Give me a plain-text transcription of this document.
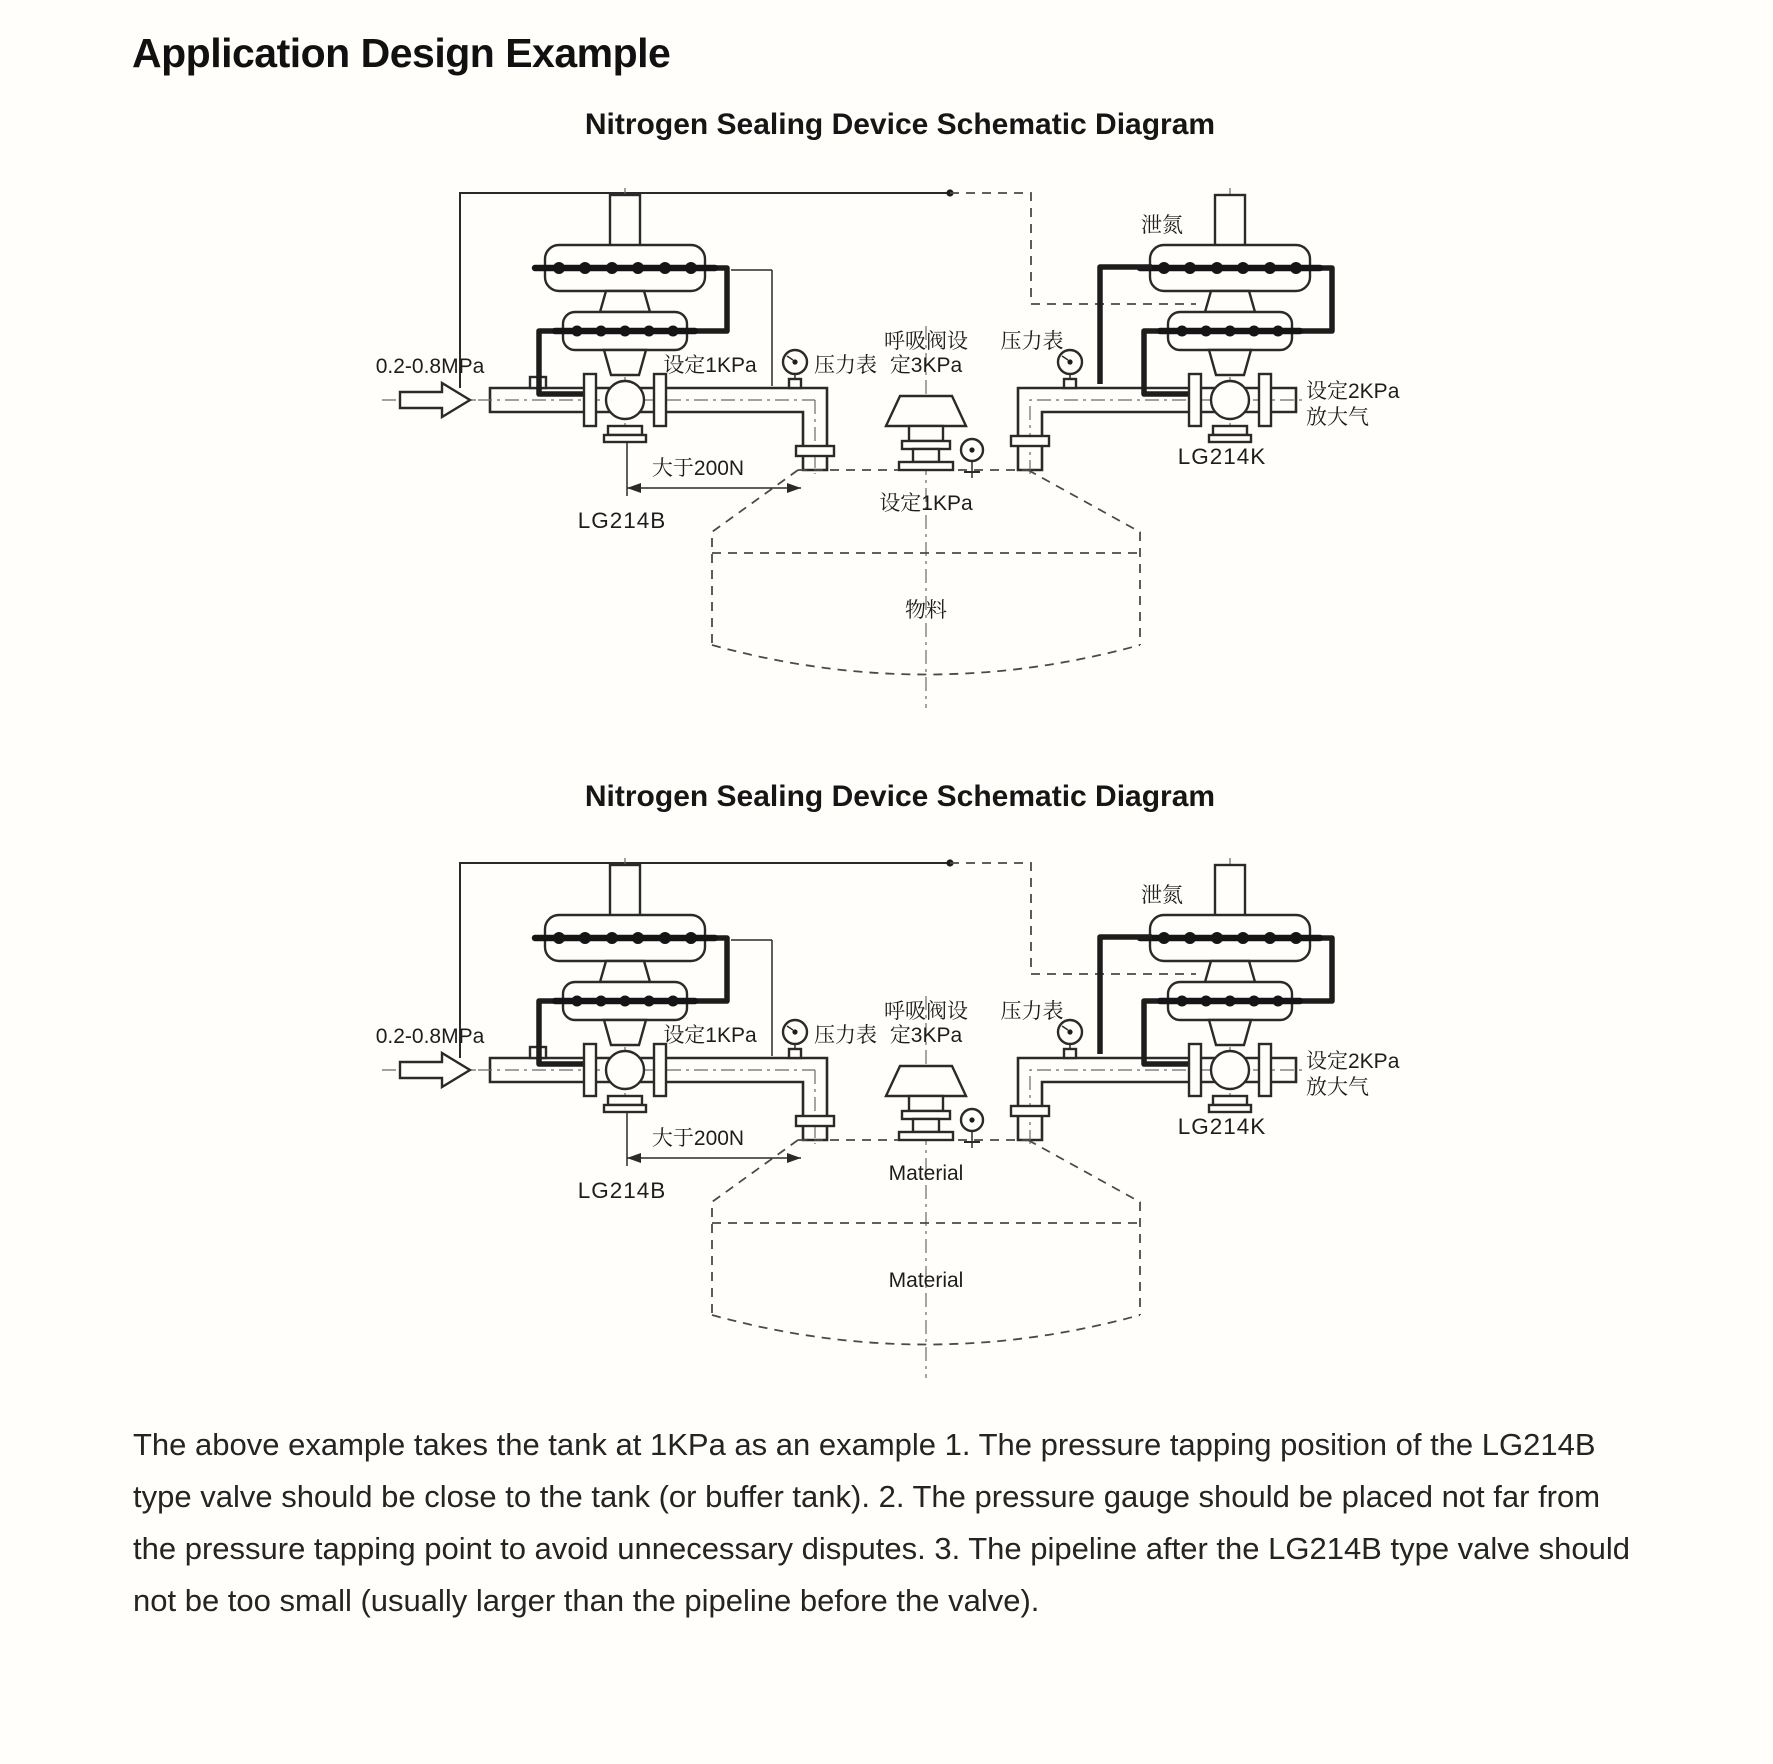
Application Design Example
Nitrogen Sealing Device Schematic Diagram
0.2-0.8MPa	设定1KPa	压力表
大于200N
LG214B
呼吸阀设
定3KPa
压力表
泄氮
设定2KPa
放大气
LG214K
设定1KPa
物料
Nitrogen Sealing Device Schematic Diagram
0.2-0.8MPa	设定1KPa	压力表
大于200N
LG214B
呼吸阀设
定3KPa
压力表
泄氮
设定2KPa
放大气
LG214K
Material
Material

The above example takes the tank at 1KPa as an example 1. The pressure tapping position of the LG214B type valve should be close to the tank (or buffer tank). 2. The pressure gauge should be placed not far from the pressure tapping point to avoid unnecessary disputes. 3. The pipeline after the LG214B type valve should not be too small (usually larger than the pipeline before the valve).
